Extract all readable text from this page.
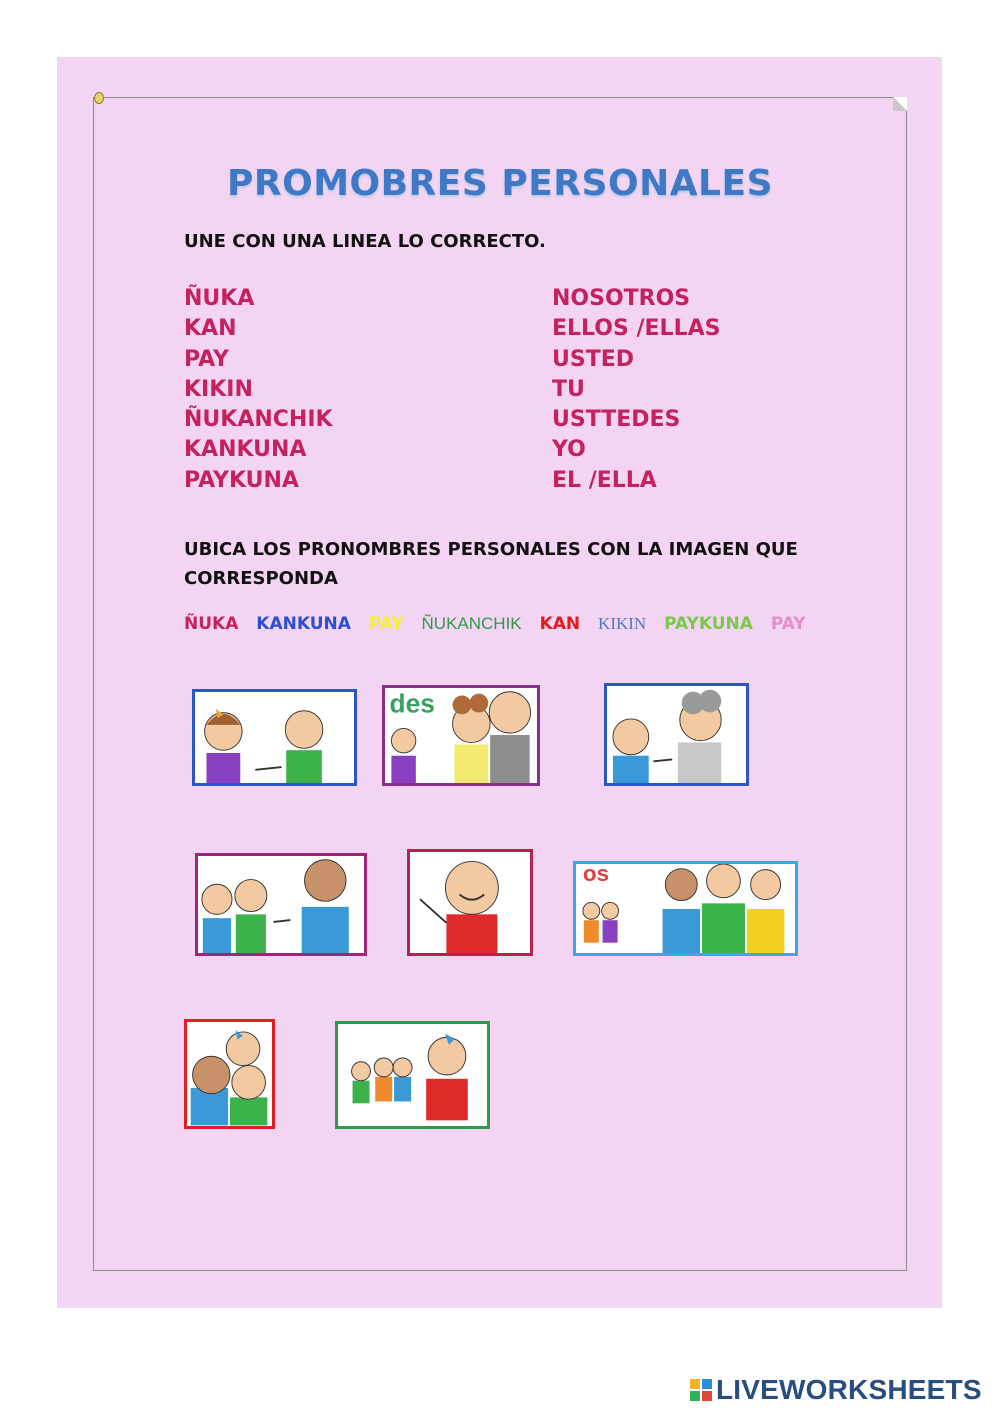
PROMOBRES PERSONALES
UNE CON UNA LINEA LO CORRECTO.
ÑUKA
KAN
PAY
KIKIN
ÑUKANCHIK
KANKUNA
PAYKUNA
NOSOTROS
ELLOS /ELLAS
USTED
TU
USTTEDES
YO
EL /ELLA
UBICA LOS PRONOMBRES PERSONALES CON LA IMAGEN QUE CORRESPONDA
ÑUKA KANKUNA PAY ÑUKANCHIK KAN KIKIN PAYKUNA PAY
des
os
LIVEWORKSHEETS
